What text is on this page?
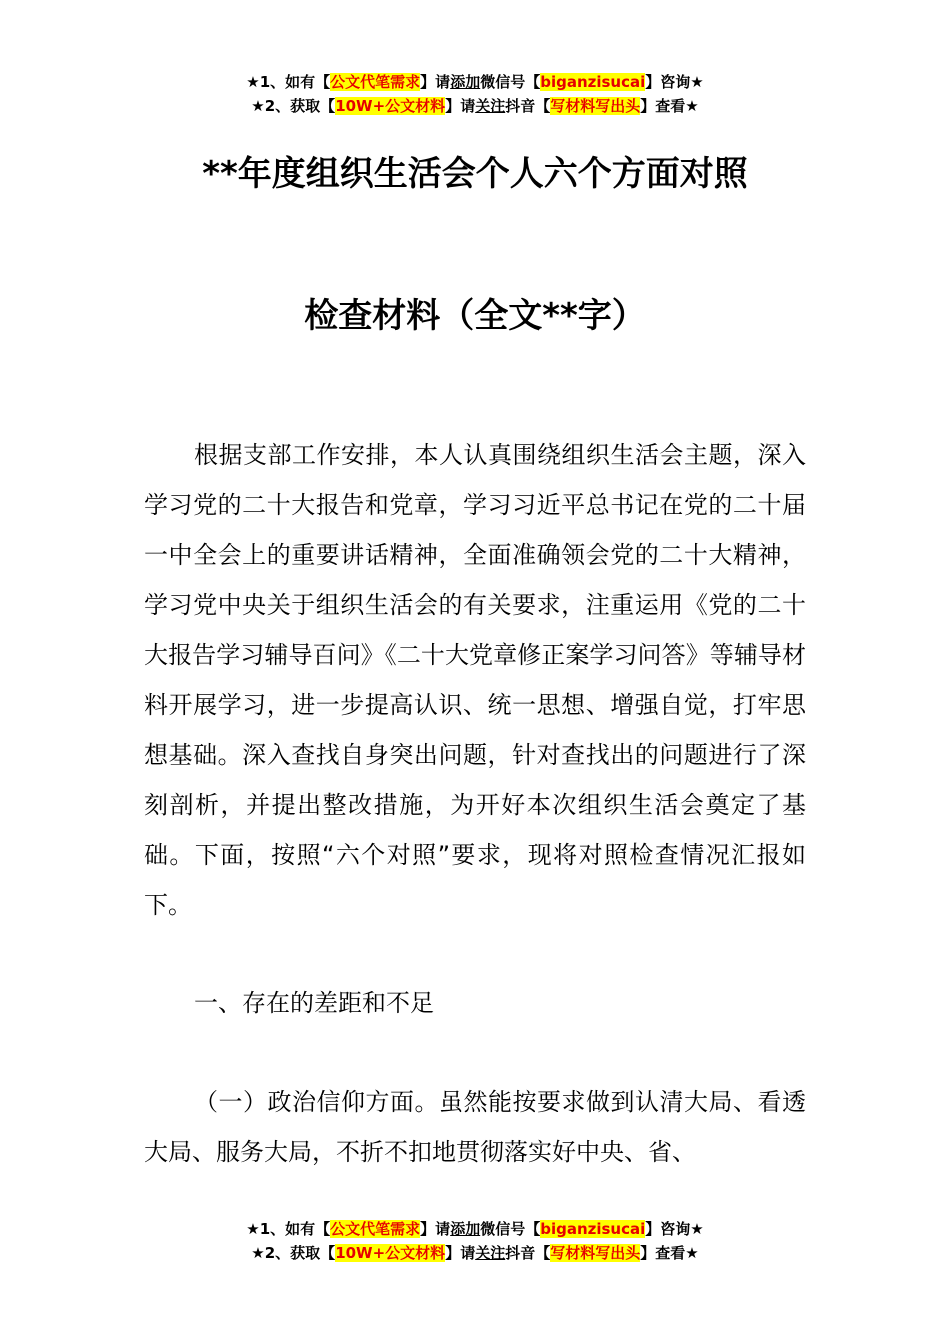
★1、如有【公文代笔需求】请添加微信号【biganzisucai】咨询★
★2、获取【10W+公文材料】请关注抖音【写材料写出头】查看★
**年度组织生活会个人六个方面对照
检查材料（全文**字）

根据支部工作安排，本人认真围绕组织生活会主题，深入学习党的二十大报告和党章，学习习近平总书记在党的二十届一中全会上的重要讲话精神，全面准确领会党的二十大精神，学习党中央关于组织生活会的有关要求，注重运用《党的二十大报告学习辅导百问》《二十大党章修正案学习问答》等辅导材料开展学习，进一步提高认识、统一思想、增强自觉，打牢思想基础。深入查找自身突出问题，针对查找出的问题进行了深刻剖析，并提出整改措施，为开好本次组织生活会奠定了基础。下面，按照“六个对照”要求，现将对照检查情况汇报如下。

一、存在的差距和不足

（一）政治信仰方面。虽然能按要求做到认清大局、看透大局、服务大局，不折不扣地贯彻落实好中央、省、

★1、如有【公文代笔需求】请添加微信号【biganzisucai】咨询★
★2、获取【10W+公文材料】请关注抖音【写材料写出头】查看★
